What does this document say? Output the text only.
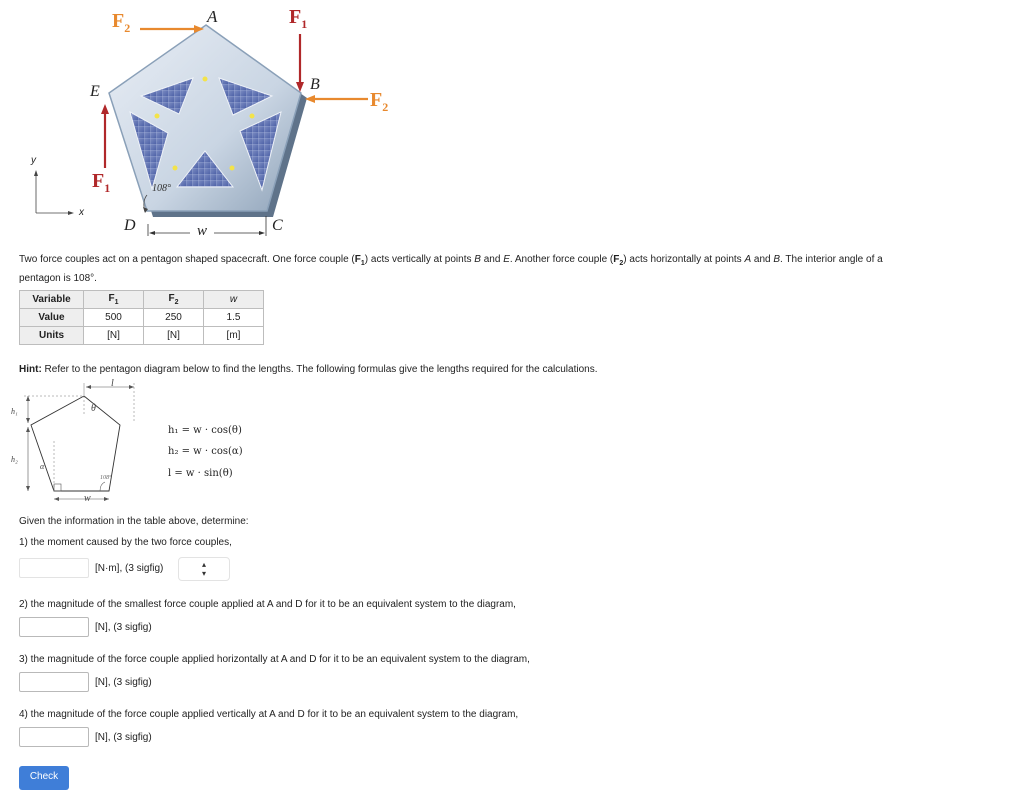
$F_2$	$F_1$
$F_2$
$F_1$
A
B
C
D
E
108°
w
y
x
Two force couples act on a pentagon shaped spacecraft. One force couple $(F_1)$ acts vertically at points B and E. Another force couple $(F_2)$ acts horizontally at points A and B. The interior angle of a
pentagon is 108°.
Variable	$F_1$	$F_2$	w
Value	500	250	1.5
Units	[N]	[N]	[m]
Hint: Refer to the pentagon diagram below to find the lengths. The following formulas give the lengths required for the calculations.
l
θ
h₁
h₂
α
108°
w
h₁ = w · cos(θ)
h₂ = w · cos(α)
l = w · sin(θ)
Given the information in the table above, determine:
1) the moment caused by the two force couples,
[N·m], (3 sigfig)	▴▾
2) the magnitude of the smallest force couple applied at A and D for it to be an equivalent system to the diagram,
[N], (3 sigfig)
3) the magnitude of the force couple applied horizontally at A and D for it to be an equivalent system to the diagram,
[N], (3 sigfig)
4) the magnitude of the force couple applied vertically at A and D for it to be an equivalent system to the diagram,
[N], (3 sigfig)
Check
